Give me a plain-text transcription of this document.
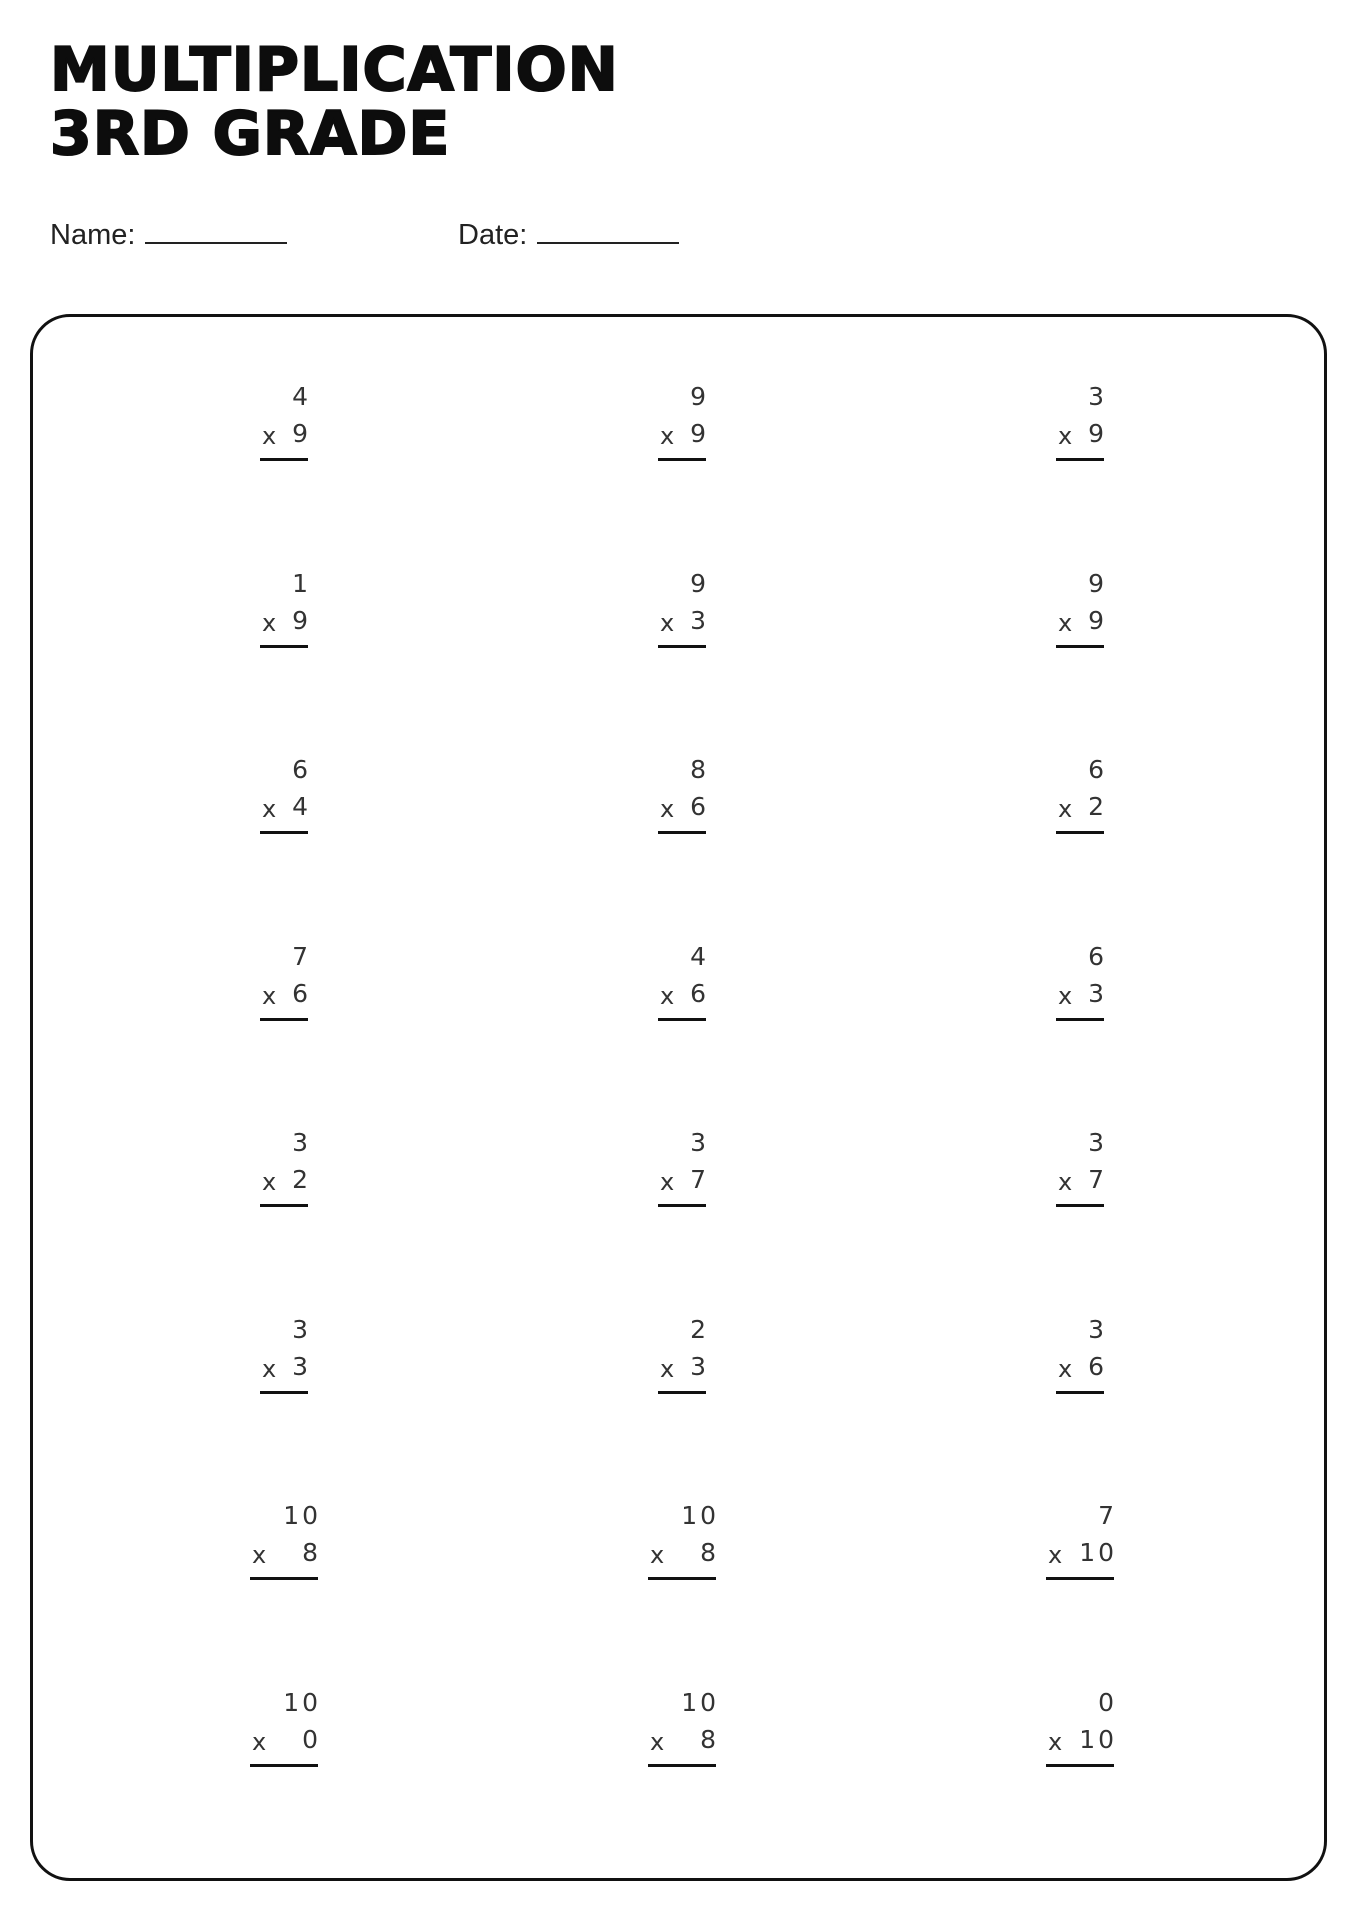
MULTIPLICATION
3RD GRADE
Name:	Date:
4
x 9
9
x 9
3
x 9
1
x 9
9
x 3
9
x 9
6
x 4
8
x 6
6
x 2
7
x 6
4
x 6
6
x 3
3
x 2
3
x 7
3
x 7
3
x 3
2
x 3
3
x 6
10
x 8
10
x 8
7
x 10
10
x 0
10
x 8
0
x 10
